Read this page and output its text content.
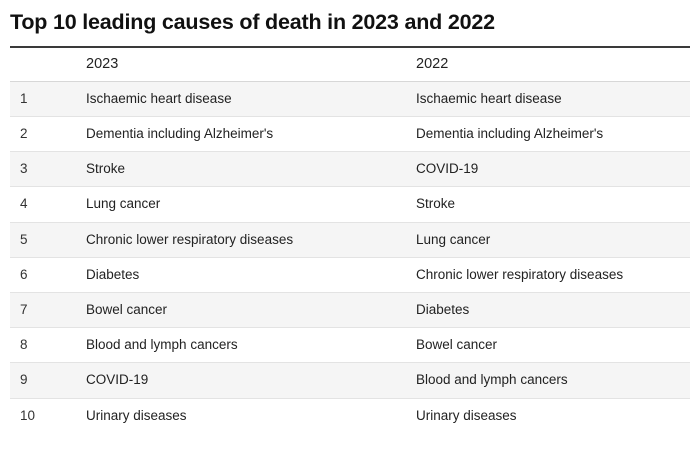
Top 10 leading causes of death in 2023 and 2022
	2023	2022
1	Ischaemic heart disease	Ischaemic heart disease
2	Dementia including Alzheimer's	Dementia including Alzheimer's
3	Stroke	COVID-19
4	Lung cancer	Stroke
5	Chronic lower respiratory diseases	Lung cancer
6	Diabetes	Chronic lower respiratory diseases
7	Bowel cancer	Diabetes
8	Blood and lymph cancers	Bowel cancer
9	COVID-19	Blood and lymph cancers
10	Urinary diseases	Urinary diseases
